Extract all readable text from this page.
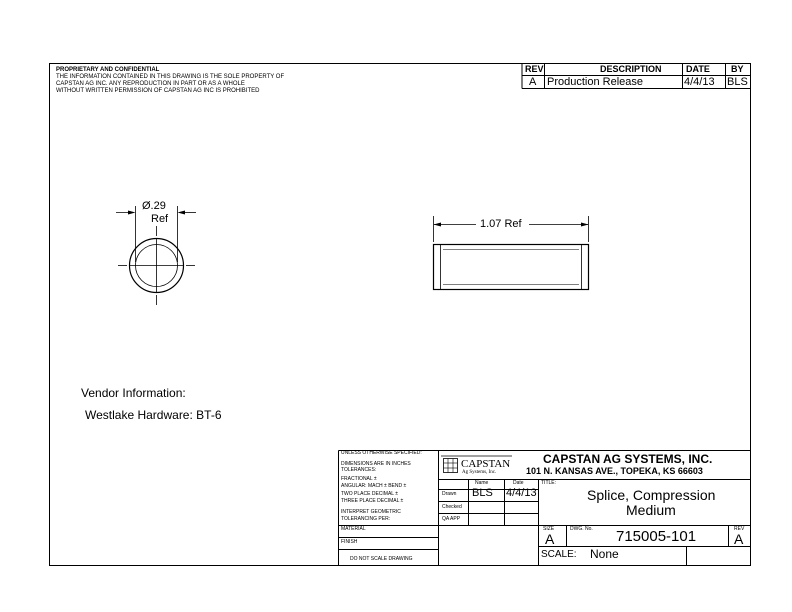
PROPRIETARY AND CONFIDENTIAL
THE INFORMATION CONTAINED IN THIS DRAWING IS THE SOLE PROPERTY OF
CAPSTAN AG INC. ANY REPRODUCTION IN PART OR AS A WHOLE
WITHOUT WRITTEN PERMISSION OF CAPSTAN AG INC IS PROHIBITED
REV	DESCRIPTION	DATE BY
A Production Release	4/4/13 BLS
Ø.29
Ref	1.07 Ref
Vendor Information:
Westlake Hardware: BT-6
UNLESS OTHERWISE SPECIFIED:
DIMENSIONS ARE IN INCHES
TOLERANCES:
FRACTIONAL ±
ANGULAR: MACH ± BEND ±
TWO PLACE DECIMAL ±
THREE PLACE DECIMAL ±
INTERPRET GEOMETRIC
TOLERANCING PER:
MATERIAL
FINISH
DO NOT SCALE DRAWING
CAPSTAN
Ag Systems, Inc.
Name	Date
Drawn BLS 4/4/13
Checked
QA APP
CAPSTAN AG SYSTEMS, INC.
101 N. KANSAS AVE., TOPEKA, KS 66603
TITLE:
Splice, Compression
Medium
SIZE
A
DWG. No. 715005-101	REV
A
SCALE: None
